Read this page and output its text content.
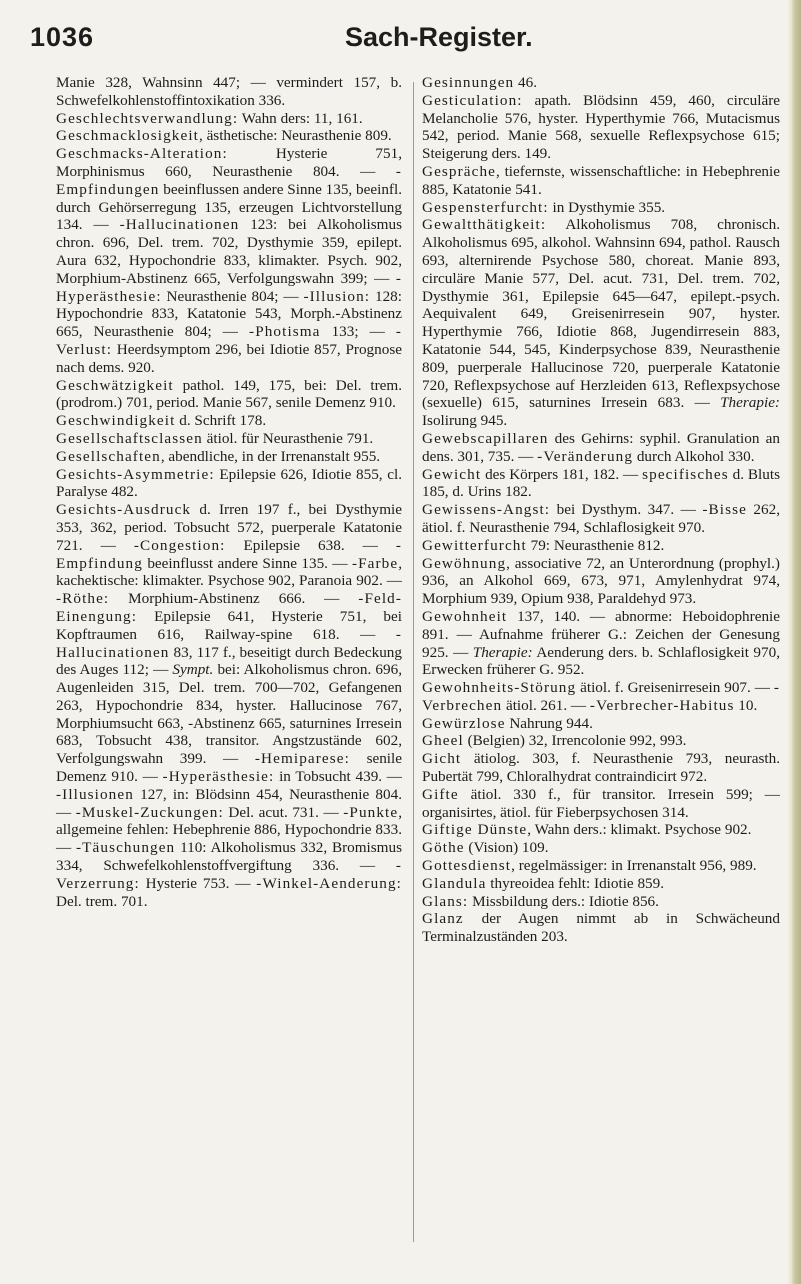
1036	Sach-Register.

Manie 328, Wahnsinn 447; — vermindert 157, b. Schwefelkohlenstoffintoxikation 336.

Geschlechtsverwandlung: Wahn ders: 11, 161.

Geschmacklosigkeit, ästhetische: Neurasthenie 809.

Geschmacks-Alteration: Hysterie 751, Morphinismus 660, Neurasthenie 804. — -Empfindungen beeinflussen andere Sinne 135, beeinfl. durch Gehörserregung 135, erzeugen Lichtvorstellung 134. — -Hallucinationen 123: bei Alkoholismus chron. 696, Del. trem. 702, Dysthymie 359, epilept. Aura 632, Hypochondrie 833, klimakter. Psych. 902, Morphium-Abstinenz 665, Verfolgungswahn 399; — -Hyperästhesie: Neurasthenie 804; — -Illusion: 128: Hypochondrie 833, Katatonie 543, Morph.-Abstinenz 665, Neurasthenie 804; — -Photisma 133; — -Verlust: Heerdsymptom 296, bei Idiotie 857, Prognose nach dems. 920.

Geschwätzigkeit pathol. 149, 175, bei: Del. trem. (prodrom.) 701, period. Manie 567, senile Demenz 910.

Geschwindigkeit d. Schrift 178.

Gesellschaftsclassen ätiol. für Neurasthenie 791.

Gesellschaften, abendliche, in der Irrenanstalt 955.

Gesichts-Asymmetrie: Epilepsie 626, Idiotie 855, cl. Paralyse 482.

Gesichts-Ausdruck d. Irren 197 f., bei Dysthymie 353, 362, period. Tobsucht 572, puerperale Katatonie 721. — -Congestion: Epilepsie 638. — -Empfindung beeinflusst andere Sinne 135. — -Farbe, kachektische: klimakter. Psychose 902, Paranoia 902. — -Röthe: Morphium-Abstinenz 666. — -Feld-Einengung: Epilepsie 641, Hysterie 751, bei Kopftraumen 616, Railway-spine 618. — -Hallucinationen 83, 117 f., beseitigt durch Bedeckung des Auges 112; — Sympt. bei: Alkoholismus chron. 696, Augenleiden 315, Del. trem. 700—702, Gefangenen 263, Hypochondrie 834, hyster. Hallucinose 767, Morphiumsucht 663, -Abstinenz 665, saturnines Irresein 683, Tobsucht 438, transitor. Angstzustände 602, Verfolgungswahn 399. — -Hemiparese: senile Demenz 910. — -Hyperästhesie: in Tobsucht 439. — -Illusionen 127, in: Blödsinn 454, Neurasthenie 804. — -Muskel-Zuckungen: Del. acut. 731. — -Punkte, allgemeine fehlen: Hebephrenie 886, Hypochondrie 833. — -Täuschungen 110: Alkoholismus 332, Bromismus 334, Schwefelkohlenstoffvergiftung 336. — -Verzerrung: Hysterie 753. — -Winkel-Aenderung: Del. trem. 701.

Gesinnungen 46.

Gesticulation: apath. Blödsinn 459, 460, circuläre Melancholie 576, hyster. Hyperthymie 766, Mutacismus 542, period. Manie 568, sexuelle Reflexpsychose 615; Steigerung ders. 149.

Gespräche, tiefernste, wissenschaftliche: in Hebephrenie 885, Katatonie 541.

Gespensterfurcht: in Dysthymie 355.

Gewaltthätigkeit: Alkoholismus 708, chronisch. Alkoholismus 695, alkohol. Wahnsinn 694, pathol. Rausch 693, alternirende Psychose 580, choreat. Manie 893, circuläre Manie 577, Del. acut. 731, Del. trem. 702, Dysthymie 361, Epilepsie 645—647, epilept.-psych. Aequivalent 649, Greisenirresein 907, hyster. Hyperthymie 766, Idiotie 868, Jugendirresein 883, Katatonie 544, 545, Kinderpsychose 839, Neurasthenie 809, puerperale Hallucinose 720, puerperale Katatonie 720, Reflexpsychose auf Herzleiden 613, Reflexpsychose (sexuelle) 615, saturnines Irresein 683. — Therapie: Isolirung 945.

Gewebscapillaren des Gehirns: syphil. Granulation an dens. 301, 735. — -Veränderung durch Alkohol 330.

Gewicht des Körpers 181, 182. — specifisches d. Bluts 185, d. Urins 182.

Gewissens-Angst: bei Dysthym. 347. — -Bisse 262, ätiol. f. Neurasthenie 794, Schlaflosigkeit 970.

Gewitterfurcht 79: Neurasthenie 812.

Gewöhnung, associative 72, an Unterordnung (prophyl.) 936, an Alkohol 669, 673, 971, Amylenhydrat 974, Morphium 939, Opium 938, Paraldehyd 973.

Gewohnheit 137, 140. — abnorme: Heboidophrenie 891. — Aufnahme früherer G.: Zeichen der Genesung 925. — Therapie: Aenderung ders. b. Schlaflosigkeit 970, Erwecken früherer G. 952.

Gewohnheits-Störung ätiol. f. Greisenirresein 907. — -Verbrechen ätiol. 261. — -Verbrecher-Habitus 10.

Gewürzlose Nahrung 944.

Gheel (Belgien) 32, Irrencolonie 992, 993.

Gicht ätiolog. 303, f. Neurasthenie 793, neurasth. Pubertät 799, Chloralhydrat contraindicirt 972.

Gifte ätiol. 330 f., für transitor. Irresein 599; — organisirtes, ätiol. für Fieberpsychosen 314.

Giftige Dünste, Wahn ders.: klimakt. Psychose 902.

Göthe (Vision) 109.

Gottesdienst, regelmässiger: in Irrenanstalt 956, 989.

Glandula thyreoidea fehlt: Idiotie 859.

Glans: Missbildung ders.: Idiotie 856.

Glanz der Augen nimmt ab in Schwächeund Terminalzuständen 203.
